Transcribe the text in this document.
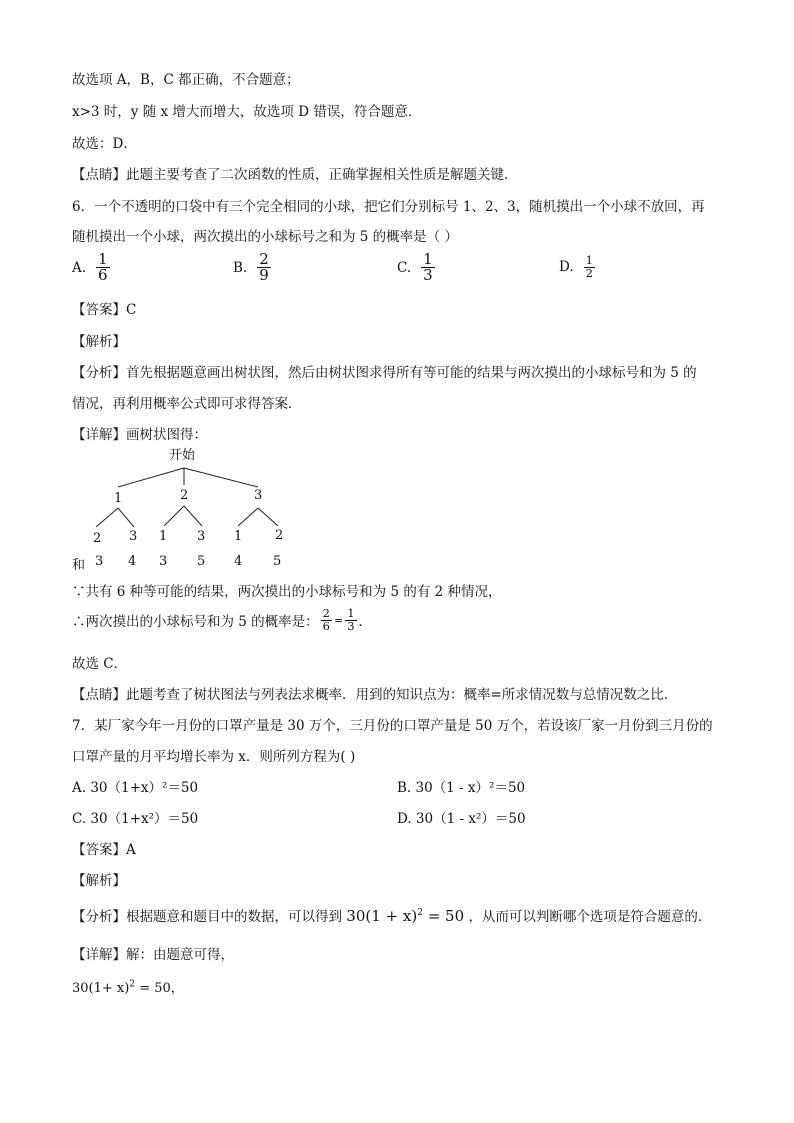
故选项 A，B，C 都正确，不合题意；
x>3 时，y 随 x 增大而增大，故选项 D 错误，符合题意．
故选：D．
【点睛】此题主要考查了二次函数的性质，正确掌握相关性质是解题关键．
6．一个不透明的口袋中有三个完全相同的小球，把它们分别标号 1、2、3，随机摸出一个小球不放回，再
随机摸出一个小球，两次摸出的小球标号之和为 5 的概率是（ ）
A. $\frac{1}{6}$	B. $\frac{2}{9}$	C. $\frac{1}{3}$	D. $\frac{1}{2}$
【答案】C
【解析】
【分析】首先根据题意画出树状图，然后由树状图求得所有等可能的结果与两次摸出的小球标号和为 5 的
情况，再利用概率公式即可求得答案．
【详解】画树状图得：
开始
1	2	3
2 3 1 3 1	2
和 3 4 3 5 4 5
∵共有 6 种等可能的结果，两次摸出的小球标号和为 5 的有 2 种情况，
∴两次摸出的小球标号和为 5 的概率是： $\frac{2}{6} = \frac{1}{3}$ ．
故选 C．
【点睛】此题考查了树状图法与列表法求概率．用到的知识点为：概率=所求情况数与总情况数之比．
7．某厂家今年一月份的口罩产量是 30 万个，三月份的口罩产量是 50 万个，若设该厂家一月份到三月份的
口罩产量的月平均增长率为 x．则所列方程为( )
A. 30（1+x）²＝50	B. 30（1 - x）²＝50
C. 30（1+x²）＝50	D. 30（1 - x²）＝50
【答案】A
【解析】
【分析】根据题意和题目中的数据，可以得到 $30(1 + x)^2 = 50$ ，从而可以判断哪个选项是符合题意的．
【详解】解：由题意可得，
$30(1+ x)^2 = 50$，
